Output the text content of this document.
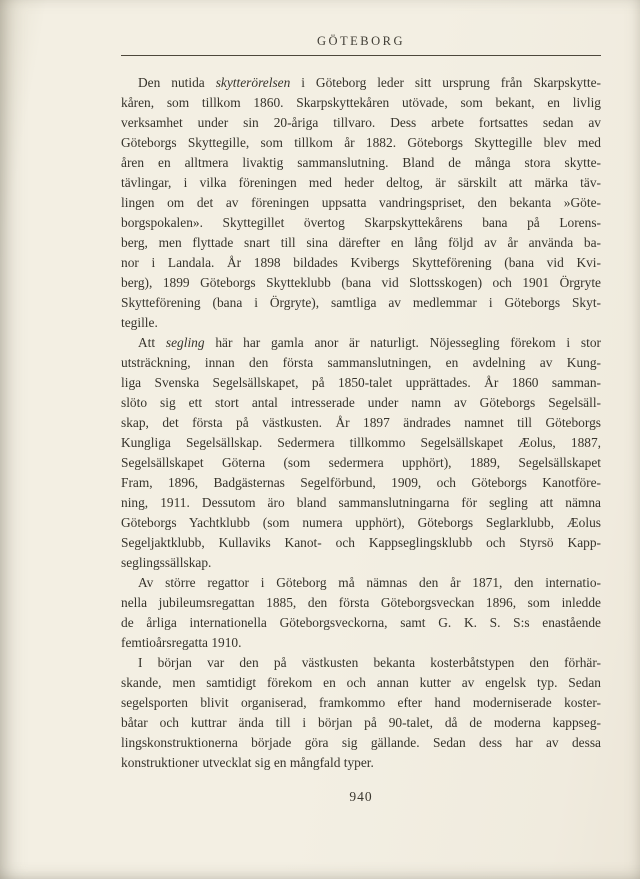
GÖTEBORG
Den nutida skytterörelsen i Göteborg leder sitt ursprung från Skarpskytte-
kåren, som tillkom 1860. Skarpskyttekåren utövade, som bekant, en livlig
verksamhet under sin 20-åriga tillvaro. Dess arbete fortsattes sedan av
Göteborgs Skyttegille, som tillkom år 1882. Göteborgs Skyttegille blev med
åren en alltmera livaktig sammanslutning. Bland de många stora skytte-
tävlingar, i vilka föreningen med heder deltog, är särskilt att märka täv-
lingen om det av föreningen uppsatta vandringspriset, den bekanta »Göte-
borgspokalen». Skyttegillet övertog Skarpskyttekårens bana på Lorens-
berg, men flyttade snart till sina därefter en lång följd av år använda ba-
nor i Landala. År 1898 bildades Kvibergs Skytteförening (bana vid Kvi-
berg), 1899 Göteborgs Skytteklubb (bana vid Slottsskogen) och 1901 Örgryte
Skytteförening (bana i Örgryte), samtliga av medlemmar i Göteborgs Skyt-
tegille.
Att segling här har gamla anor är naturligt. Nöjessegling förekom i stor
utsträckning, innan den första sammanslutningen, en avdelning av Kung-
liga Svenska Segelsällskapet, på 1850-talet upprättades. År 1860 samman-
slöto sig ett stort antal intresserade under namn av Göteborgs Segelsäll-
skap, det första på västkusten. År 1897 ändrades namnet till Göteborgs
Kungliga Segelsällskap. Sedermera tillkommo Segelsällskapet Æolus, 1887,
Segelsällskapet Göterna (som sedermera upphört), 1889, Segelsällskapet
Fram, 1896, Badgästernas Segelförbund, 1909, och Göteborgs Kanotföre-
ning, 1911. Dessutom äro bland sammanslutningarna för segling att nämna
Göteborgs Yachtklubb (som numera upphört), Göteborgs Seglarklubb, Æolus
Segeljaktklubb, Kullaviks Kanot- och Kappseglingsklubb och Styrsö Kapp-
seglingssällskap.
Av större regattor i Göteborg må nämnas den år 1871, den internatio-
nella jubileumsregattan 1885, den första Göteborgsveckan 1896, som inledde
de årliga internationella Göteborgsveckorna, samt G. K. S. S:s enastående
femtioårsregatta 1910.
I början var den på västkusten bekanta kosterbåtstypen den förhär-
skande, men samtidigt förekom en och annan kutter av engelsk typ. Sedan
segelsporten blivit organiserad, framkommo efter hand moderniserade koster-
båtar och kuttrar ända till i början på 90-talet, då de moderna kappseg-
lingskonstruktionerna började göra sig gällande. Sedan dess har av dessa
konstruktioner utvecklat sig en mångfald typer.
940
